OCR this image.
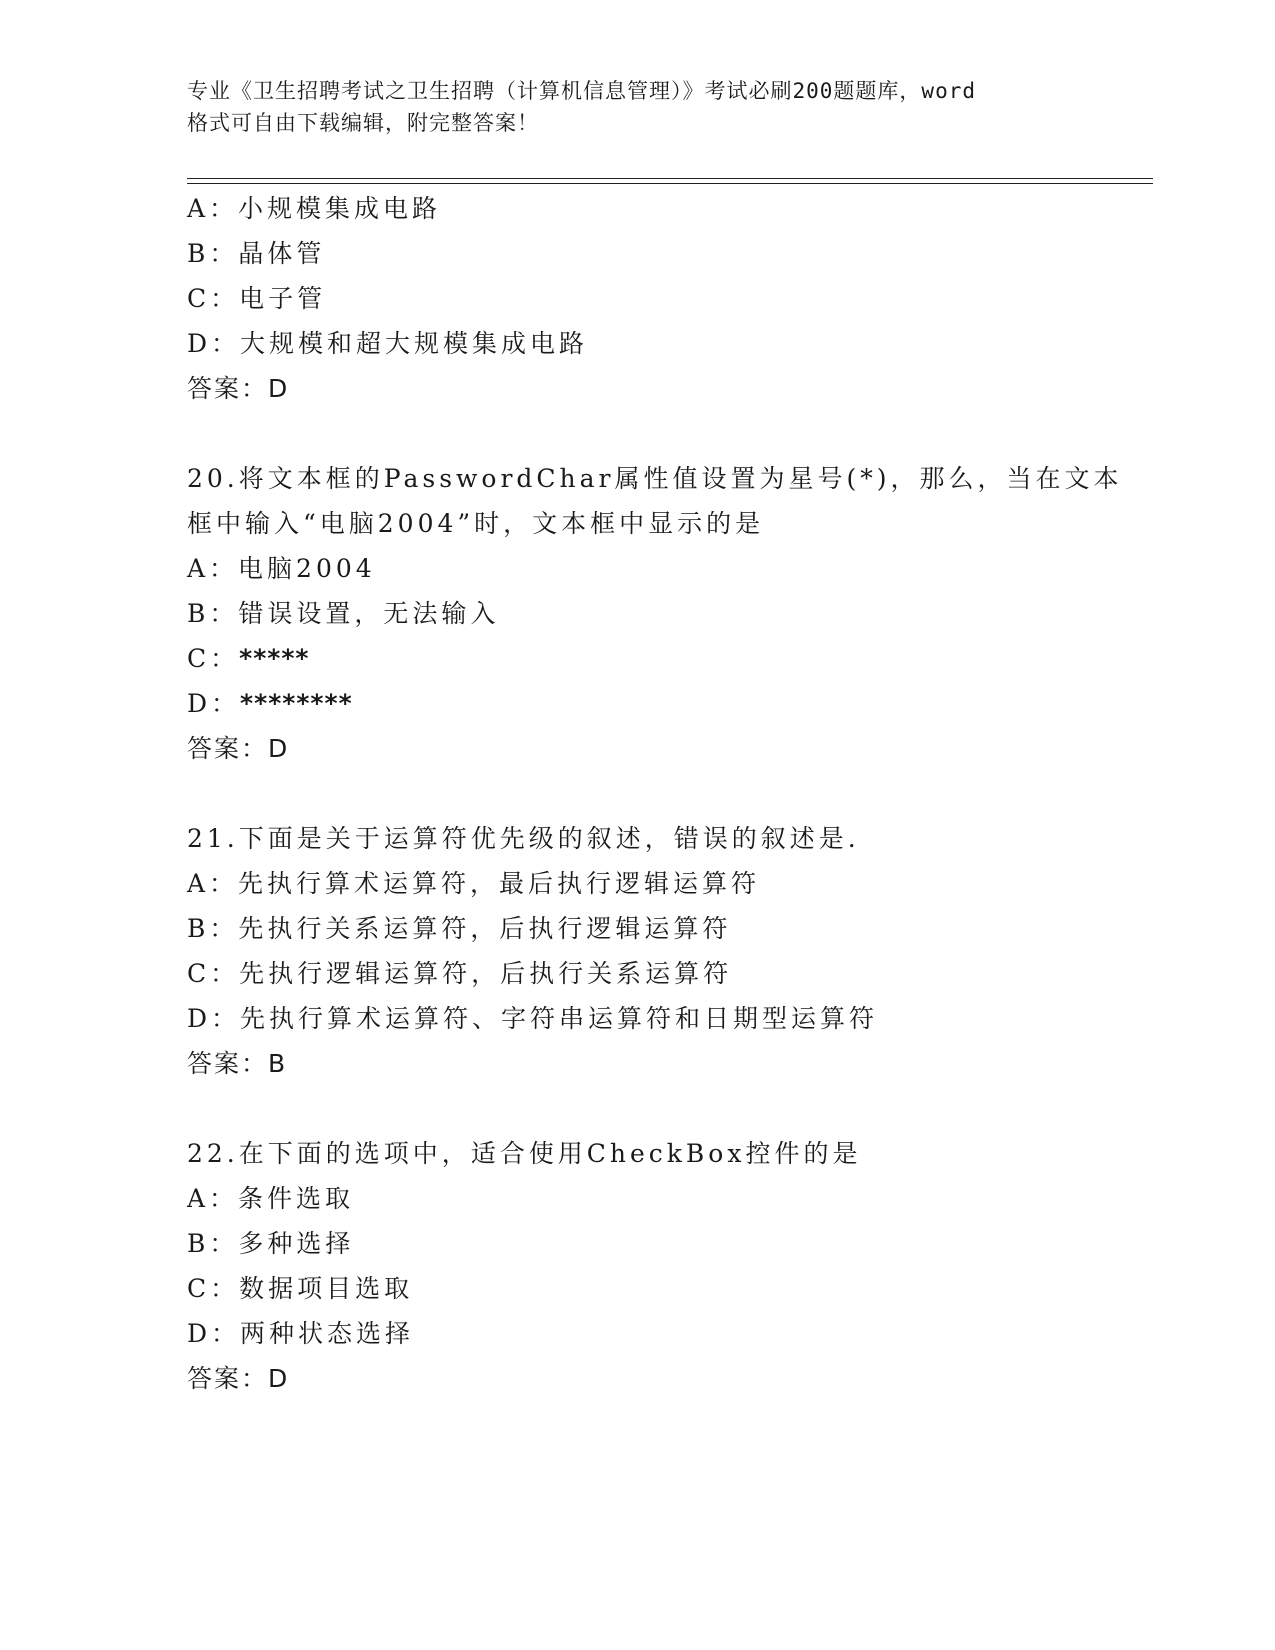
专业《卫生招聘考试之卫生招聘（计算机信息管理）》考试必刷200题题库，word
格式可自由下载编辑，附完整答案！
A：小规模集成电路
B：晶体管
C：电子管
D：大规模和超大规模集成电路
答案：D
20.将文本框的PasswordChar属性值设置为星号(*)，那么，当在文本
框中输入“电脑2004”时，文本框中显示的是
A：电脑2004
B：错误设置，无法输入
C：*****
D：********
答案：D
21.下面是关于运算符优先级的叙述，错误的叙述是.
A：先执行算术运算符，最后执行逻辑运算符
B：先执行关系运算符，后执行逻辑运算符
C：先执行逻辑运算符，后执行关系运算符
D：先执行算术运算符、字符串运算符和日期型运算符
答案：B
22.在下面的选项中，适合使用CheckBox控件的是
A：条件选取
B：多种选择
C：数据项目选取
D：两种状态选择
答案：D
